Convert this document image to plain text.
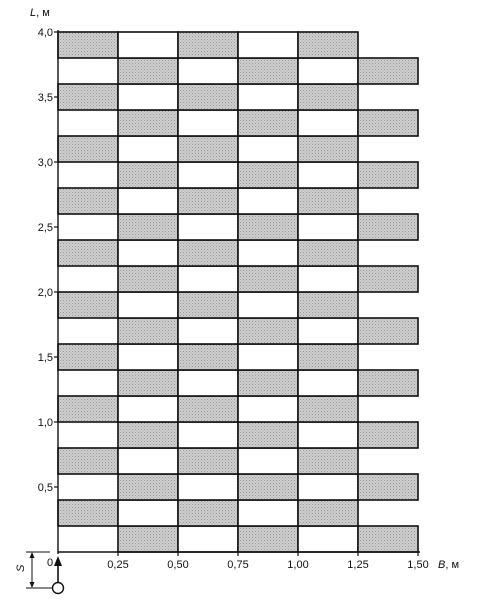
0,5
1,0
1,5
2,0
2,5
3,0
3,5
4,0
0,25	0,50	0,75	1,00	1,25	1,50
L, м
B, м
0
S
